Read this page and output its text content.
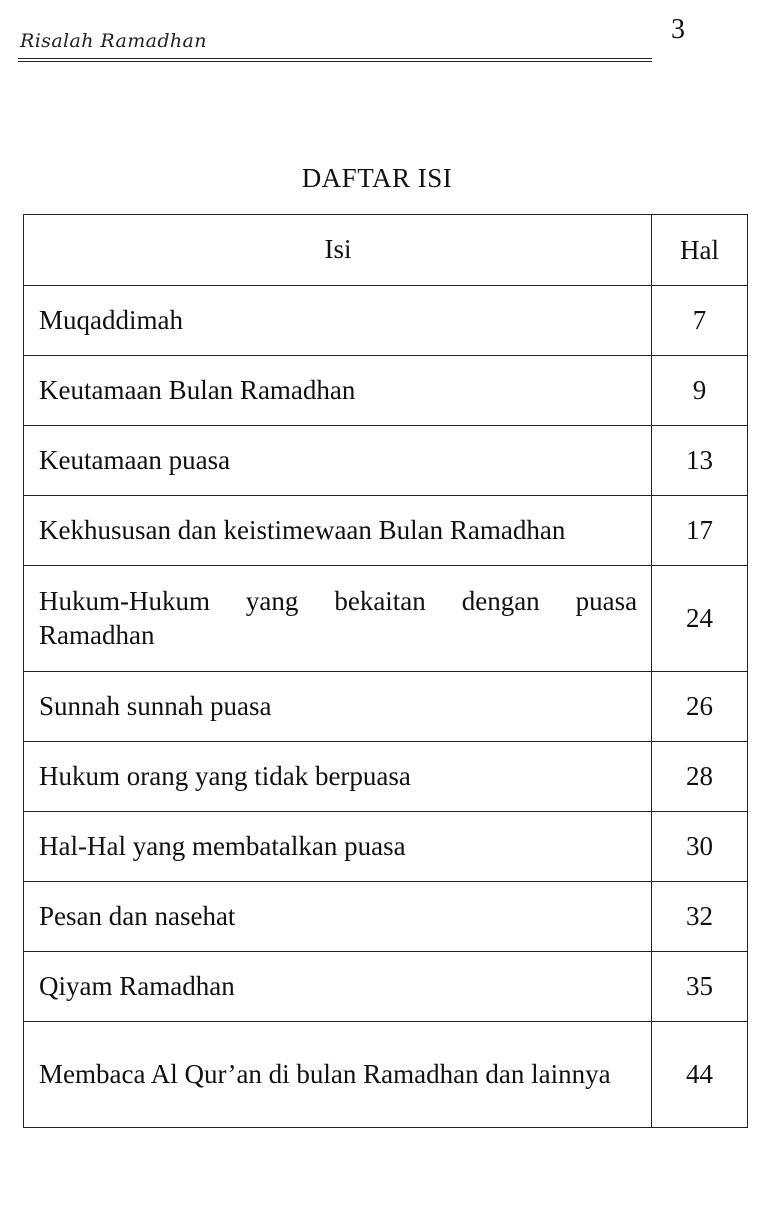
Risalah Ramadhan	3
DAFTAR ISI
Isi	Hal
Muqaddimah	7
Keutamaan Bulan Ramadhan	9
Keutamaan puasa	13
Kekhususan dan keistimewaan Bulan Ramadhan	17
Hukum-Hukum yang bekaitan dengan puasa Ramadhan	24
Sunnah sunnah puasa	26
Hukum orang yang tidak berpuasa	28
Hal-Hal yang membatalkan puasa	30
Pesan dan nasehat	32
Qiyam Ramadhan	35
Membaca Al Qur’an di bulan Ramadhan dan lainnya	44
